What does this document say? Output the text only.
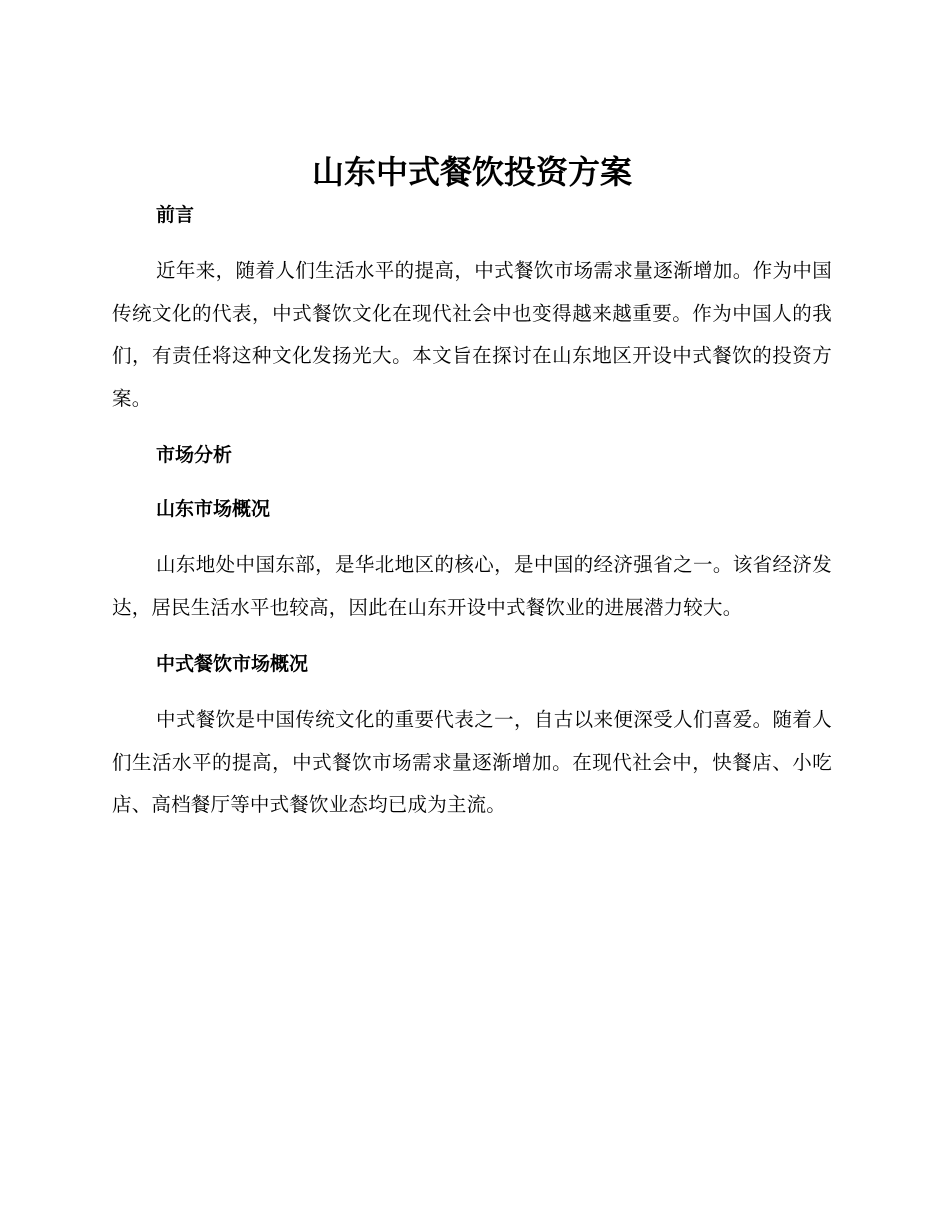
山东中式餐饮投资方案

前言

近年来，随着人们生活水平的提高，中式餐饮市场需求量逐渐增加。作为中国传统文化的代表，中式餐饮文化在现代社会中也变得越来越重要。作为中国人的我们，有责任将这种文化发扬光大。本文旨在探讨在山东地区开设中式餐饮的投资方案。

市场分析

山东市场概况

山东地处中国东部，是华北地区的核心，是中国的经济强省之一。该省经济发达，居民生活水平也较高，因此在山东开设中式餐饮业的进展潜力较大。

中式餐饮市场概况

中式餐饮是中国传统文化的重要代表之一，自古以来便深受人们喜爱。随着人们生活水平的提高，中式餐饮市场需求量逐渐增加。在现代社会中，快餐店、小吃店、高档餐厅等中式餐饮业态均已成为主流。
